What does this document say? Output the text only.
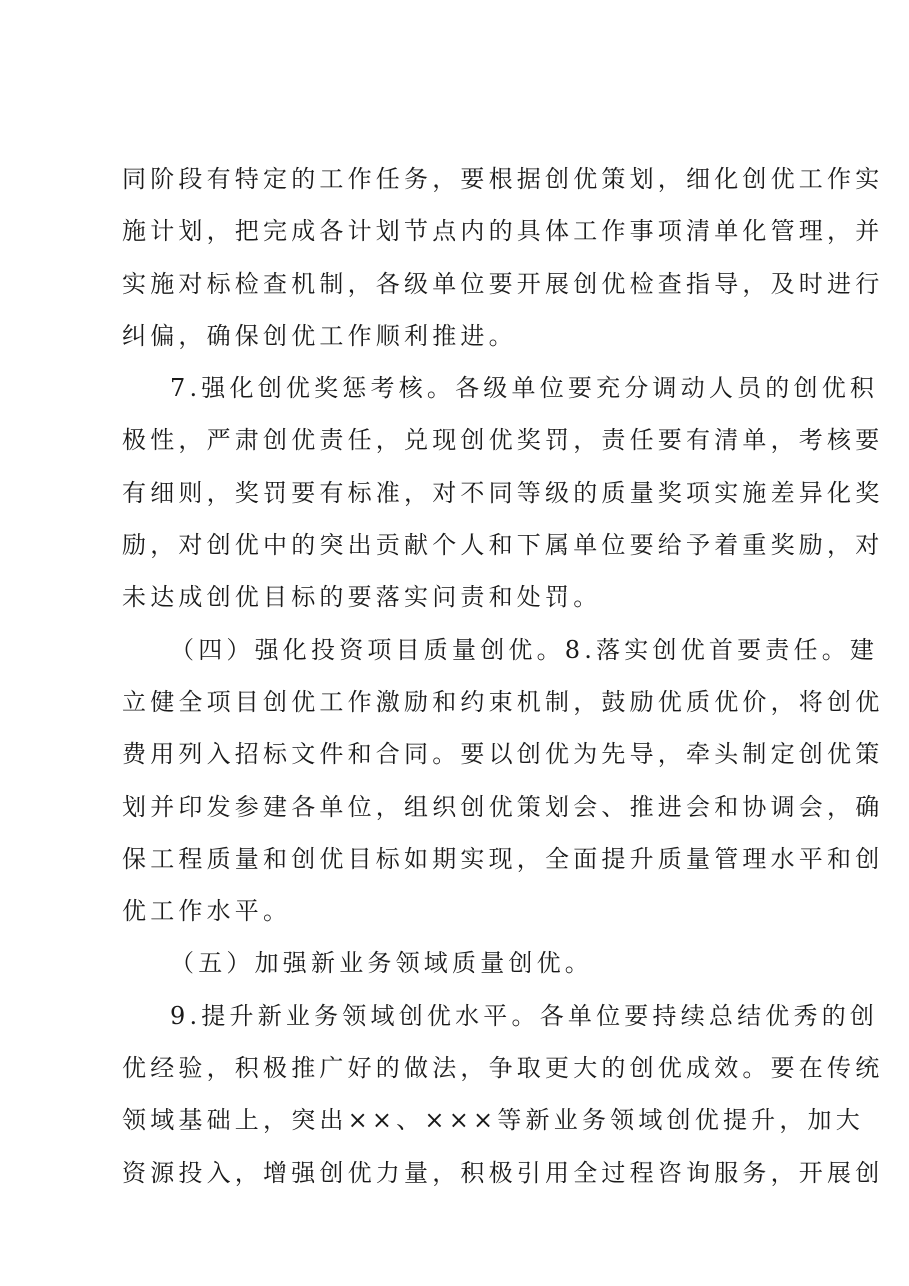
同阶段有特定的工作任务，要根据创优策划，细化创优工作实
施计划，把完成各计划节点内的具体工作事项清单化管理，并
实施对标检查机制，各级单位要开展创优检查指导，及时进行
纠偏，确保创优工作顺利推进。

7.强化创优奖惩考核。各级单位要充分调动人员的创优积
极性，严肃创优责任，兑现创优奖罚，责任要有清单，考核要
有细则，奖罚要有标准，对不同等级的质量奖项实施差异化奖
励，对创优中的突出贡献个人和下属单位要给予着重奖励，对
未达成创优目标的要落实问责和处罚。

（四）强化投资项目质量创优。8.落实创优首要责任。建
立健全项目创优工作激励和约束机制，鼓励优质优价，将创优
费用列入招标文件和合同。要以创优为先导，牵头制定创优策
划并印发参建各单位，组织创优策划会、推进会和协调会，确
保工程质量和创优目标如期实现，全面提升质量管理水平和创
优工作水平。

（五）加强新业务领域质量创优。

9.提升新业务领域创优水平。各单位要持续总结优秀的创
优经验，积极推广好的做法，争取更大的创优成效。要在传统
领域基础上，突出××、×××等新业务领域创优提升，加大
资源投入，增强创优力量，积极引用全过程咨询服务，开展创
